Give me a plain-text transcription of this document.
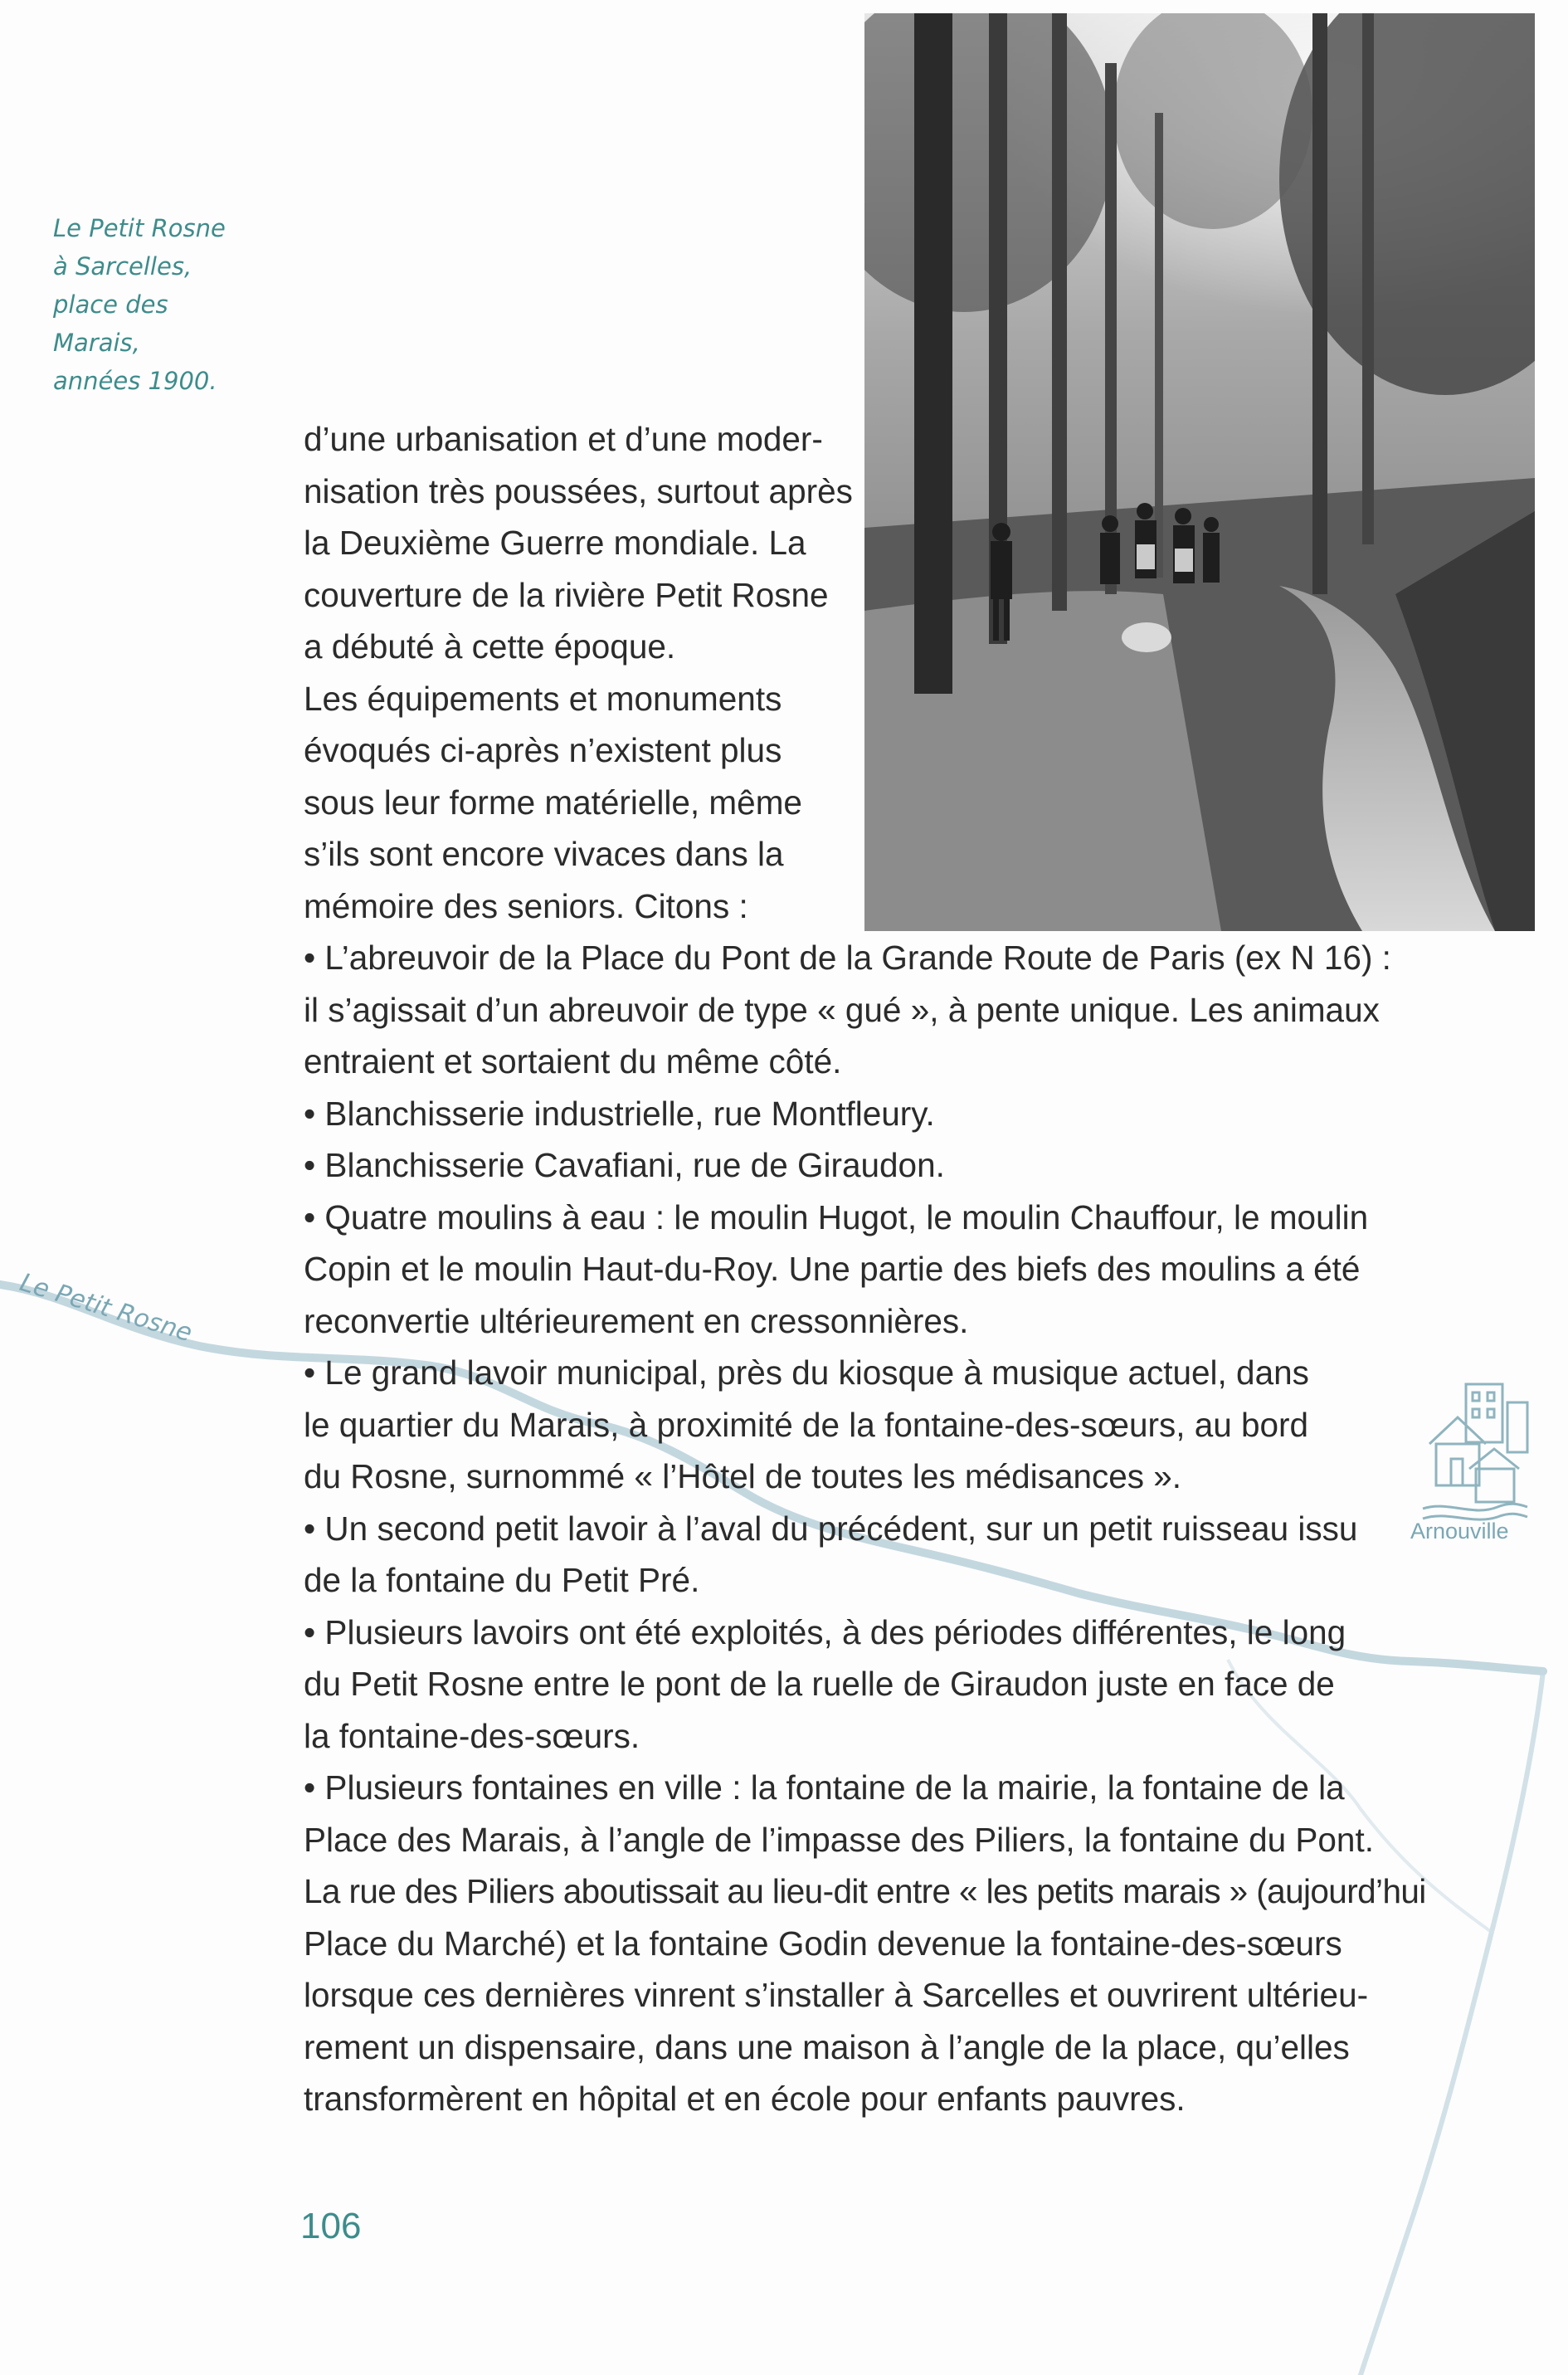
Le Petit Rosne
à Sarcelles,
place des
Marais,
années 1900.
Le Petit Rosne
d’une urbanisation et d’une moder-
nisation très poussées, surtout après
la Deuxième Guerre mondiale. La
couverture de la rivière Petit Rosne
a débuté à cette époque.
Les équipements et monuments
évoqués ci-après n’existent plus
sous leur forme matérielle, même
s’ils sont encore vivaces dans la
mémoire des seniors. Citons :
• L’abreuvoir de la Place du Pont de la Grande Route de Paris (ex N 16) :
il s’agissait d’un abreuvoir de type « gué », à pente unique. Les animaux
entraient et sortaient du même côté.
• Blanchisserie industrielle, rue Montfleury.
• Blanchisserie Cavafiani, rue de Giraudon.
• Quatre moulins à eau : le moulin Hugot, le moulin Chauffour, le moulin
Copin et le moulin Haut-du-Roy. Une partie des biefs des moulins a été
reconvertie ultérieurement en cressonnières.
• Le grand lavoir municipal, près du kiosque à musique actuel, dans
le quartier du Marais, à proximité de la fontaine-des-sœurs, au bord
du Rosne, surnommé « l’Hôtel de toutes les médisances ».
• Un second petit lavoir à l’aval du précédent, sur un petit ruisseau issu
de la fontaine du Petit Pré.
• Plusieurs lavoirs ont été exploités, à des périodes différentes, le long
du Petit Rosne entre le pont de la ruelle de Giraudon juste en face de
la fontaine-des-sœurs.
• Plusieurs fontaines en ville : la fontaine de la mairie, la fontaine de la
Place des Marais, à l’angle de l’impasse des Piliers, la fontaine du Pont.
La rue des Piliers aboutissait au lieu-dit entre « les petits marais » (aujourd’hui
Place du Marché) et la fontaine Godin devenue la fontaine-des-sœurs
lorsque ces dernières vinrent s’installer à Sarcelles et ouvrirent ultérieu-
rement un dispensaire, dans une maison à l’angle de la place, qu’elles
transformèrent en hôpital et en école pour enfants pauvres.
Arnouville
106
